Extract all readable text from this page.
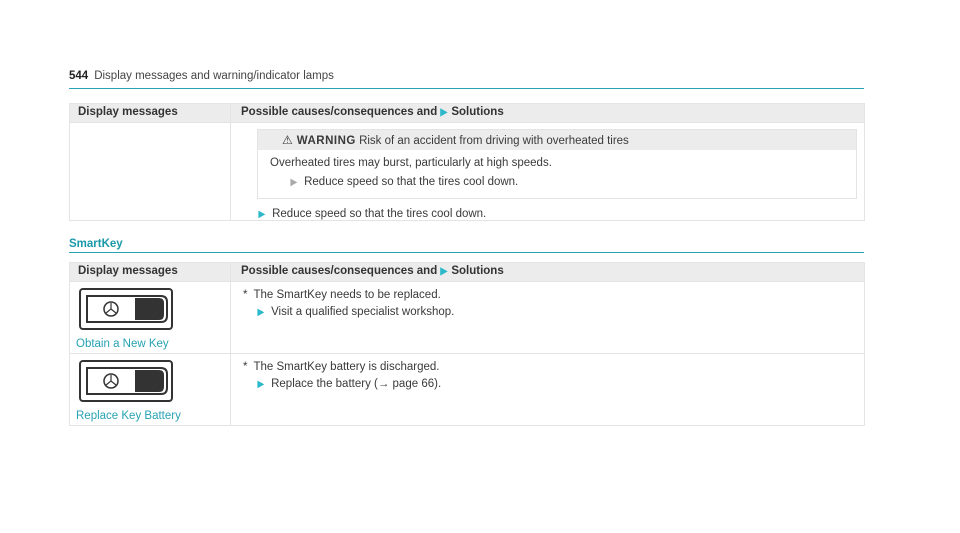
544 Display messages and warning/indicator lamps
Display messages	Possible causes/consequences and ▶ Solutions

	⚠ WARNING Risk of an accident from driving with overheated tires
Overheated tires may burst, particularly at high speeds.
▶ Reduce speed so that the tires cool down.
▶ Reduce speed so that the tires cool down.
SmartKey
Display messages	Possible causes/consequences and ▶ Solutions

Obtain a New Key	* The SmartKey needs to be replaced.
▶ Visit a qualified specialist workshop.

Replace Key Battery	* The SmartKey battery is discharged.
▶ Replace the battery (→ page 66).
